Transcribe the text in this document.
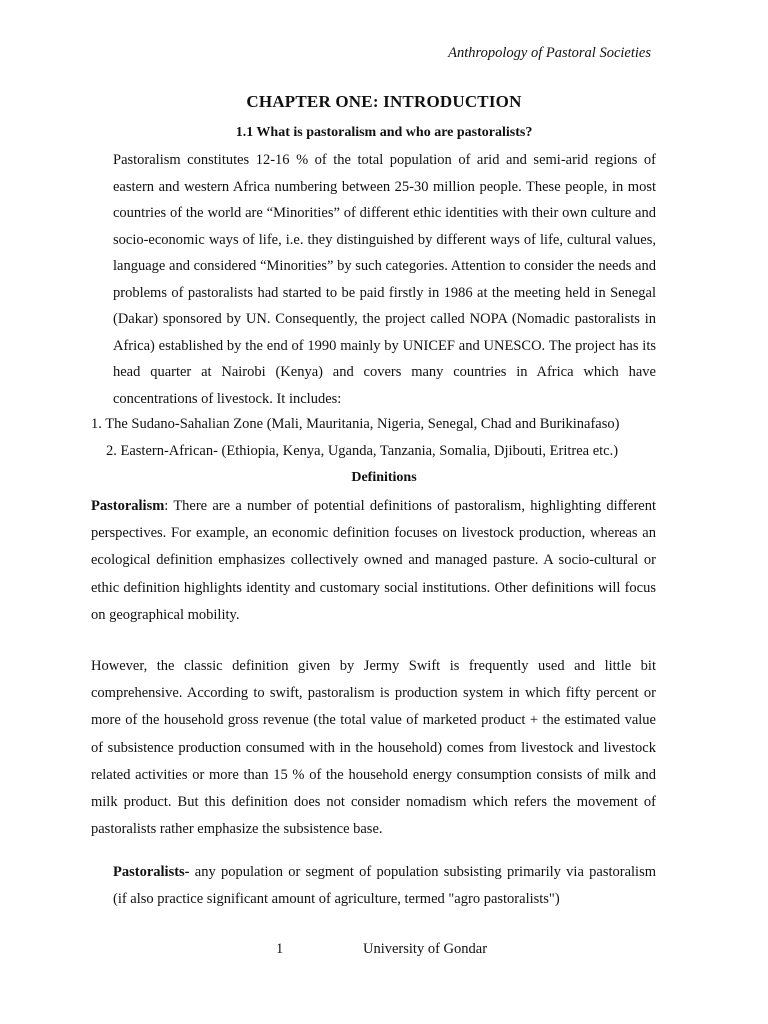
Anthropology of Pastoral Societies
CHAPTER ONE: INTRODUCTION
1.1 What is pastoralism and who are pastoralists?
Pastoralism constitutes 12-16 % of the total population of arid and semi-arid regions of eastern and western Africa numbering between 25-30 million people. These people, in most countries of the world are “Minorities” of different ethic identities with their own culture and socio-economic ways of life, i.e. they distinguished by different ways of life, cultural values, language and considered “Minorities” by such categories. Attention to consider the needs and problems of pastoralists had started to be paid firstly in 1986 at the meeting held in Senegal (Dakar) sponsored by UN. Consequently, the project called NOPA (Nomadic pastoralists in Africa) established by the end of 1990 mainly by UNICEF and UNESCO. The project has its head quarter at Nairobi (Kenya) and covers many countries in Africa which have concentrations of livestock. It includes:
1. The Sudano-Sahalian Zone (Mali, Mauritania, Nigeria, Senegal, Chad and Burikinafaso)
2. Eastern-African- (Ethiopia, Kenya, Uganda, Tanzania, Somalia, Djibouti, Eritrea etc.)
Definitions
Pastoralism: There are a number of potential definitions of pastoralism, highlighting different perspectives. For example, an economic definition focuses on livestock production, whereas an ecological definition emphasizes collectively owned and managed pasture. A socio-cultural or ethic definition highlights identity and customary social institutions. Other definitions will focus on geographical mobility.
However, the classic definition given by Jermy Swift is frequently used and little bit comprehensive. According to swift, pastoralism is production system in which fifty percent or more of the household gross revenue (the total value of marketed product + the estimated value of subsistence production consumed with in the household) comes from livestock and livestock related activities or more than 15 % of the household energy consumption consists of milk and milk product. But this definition does not consider nomadism which refers the movement of pastoralists rather emphasize the subsistence base.
Pastoralists- any population or segment of population subsisting primarily via pastoralism (if also practice significant amount of agriculture, termed "agro pastoralists")
1	University of Gondar
